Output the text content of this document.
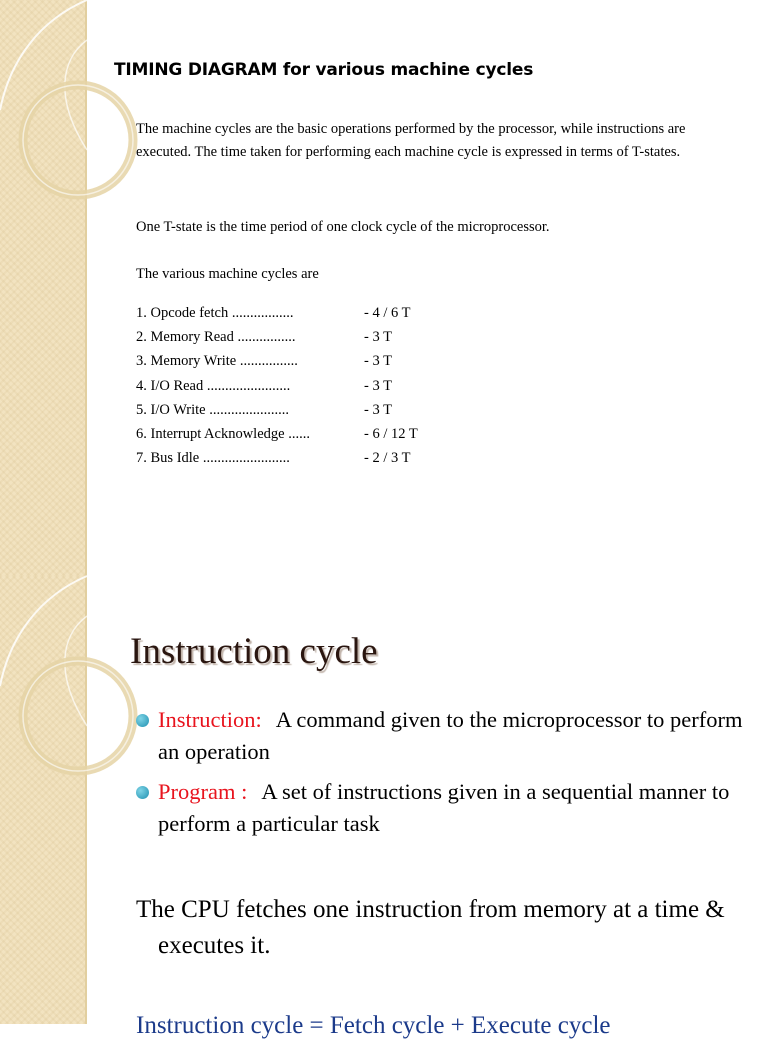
TIMING DIAGRAM for various machine cycles

The machine cycles are the basic operations performed by the processor, while instructions are executed. The time taken for performing each machine cycle is expressed in terms of T-states.

One T-state is the time period of one clock cycle of the microprocessor.

The various machine cycles are

1. Opcode fetch .................	- 4 / 6 T
2. Memory Read ................	- 3 T
3. Memory Write ................	- 3 T
4. I/O Read .......................	- 3 T
5. I/O Write ......................	- 3 T
6. Interrupt Acknowledge ......	- 6 / 12 T
7. Bus Idle ........................	- 2 / 3 T
Instruction cycle
Instruction: A command given to the microprocessor to perform an operation
Program : A set of instructions given in a sequential manner to perform a particular task

The CPU fetches one instruction from memory at a time & executes it.

Instruction cycle = Fetch cycle + Execute cycle
